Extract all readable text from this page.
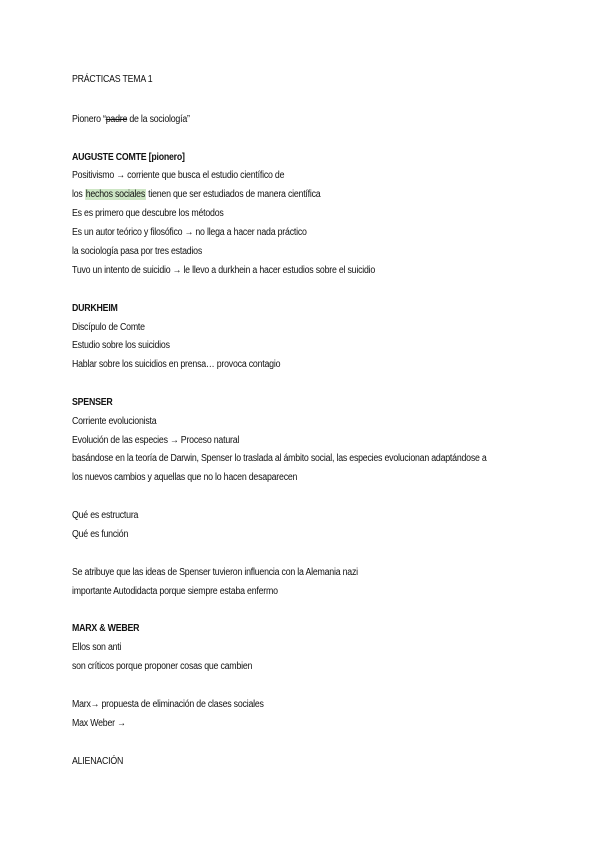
PRÁCTICAS TEMA 1
Pionero “padre de la sociología”
AUGUSTE COMTE [pionero]
Positivismo → corriente que busca el estudio científico de
los hechos sociales tienen que ser estudiados de manera científica
Es es primero que descubre los métodos
Es un autor teórico y filosófico → no llega a hacer nada práctico
la sociología pasa por tres estadios
Tuvo un intento de suicidio → le llevo a durkhein a hacer estudios sobre el suicidio
DURKHEIM
Discípulo de Comte
Estudio sobre los suicidios
Hablar sobre los suicidios en prensa… provoca contagio
SPENSER
Corriente evolucionista
Evolución de las especies → Proceso natural
basándose en la teoría de Darwin, Spenser lo traslada al ámbito social, las especies evolucionan adaptándose a
los nuevos cambios y aquellas que no lo hacen desaparecen
Qué es estructura
Qué es función
Se atribuye que las ideas de Spenser tuvieron influencia con la Alemania nazi
importante Autodidacta porque siempre estaba enfermo
MARX & WEBER
Ellos son anti
son críticos porque proponer cosas que cambien
Marx→ propuesta de eliminación de clases sociales
Max Weber →
ALIENACIÓN
